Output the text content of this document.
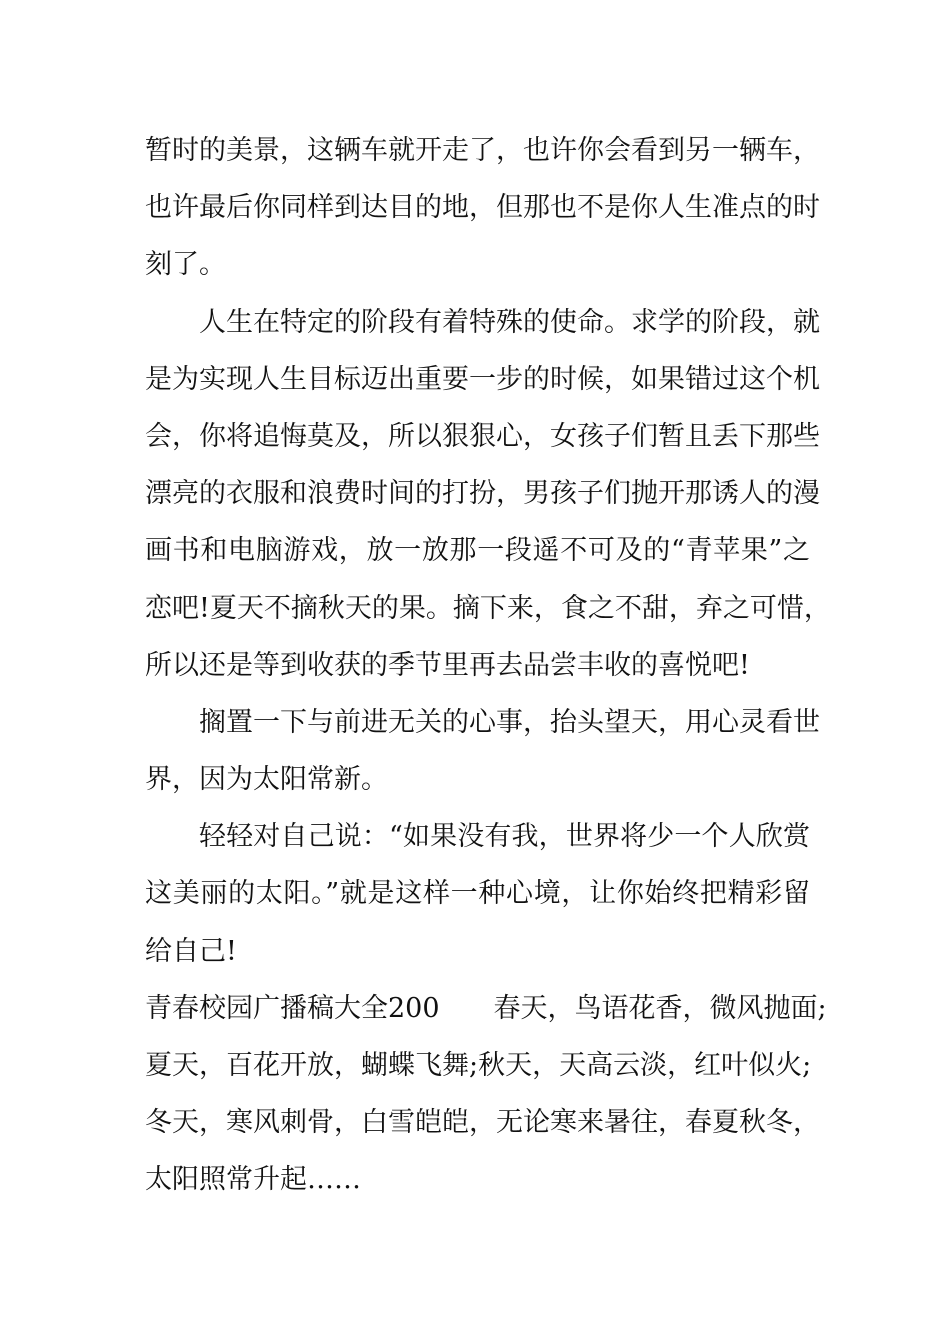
暂时的美景，这辆车就开走了，也许你会看到另一辆车，
也许最后你同样到达目的地，但那也不是你人生准点的时
刻了。
人生在特定的阶段有着特殊的使命。求学的阶段，就
是为实现人生目标迈出重要一步的时候，如果错过这个机
会，你将追悔莫及，所以狠狠心，女孩子们暂且丢下那些
漂亮的衣服和浪费时间的打扮，男孩子们抛开那诱人的漫
画书和电脑游戏，放一放那一段遥不可及的“青苹果”之
恋吧!夏天不摘秋天的果。摘下来，食之不甜，弃之可惜，
所以还是等到收获的季节里再去品尝丰收的喜悦吧!
搁置一下与前进无关的心事，抬头望天，用心灵看世
界，因为太阳常新。
轻轻对自己说：“如果没有我，世界将少一个人欣赏
这美丽的太阳。”就是这样一种心境，让你始终把精彩留
给自己!
青春校园广播稿大全200　　春天，鸟语花香，微风抛面;
夏天，百花开放，蝴蝶飞舞;秋天，天高云淡，红叶似火;
冬天，寒风刺骨，白雪皑皑，无论寒来暑往，春夏秋冬，
太阳照常升起……
